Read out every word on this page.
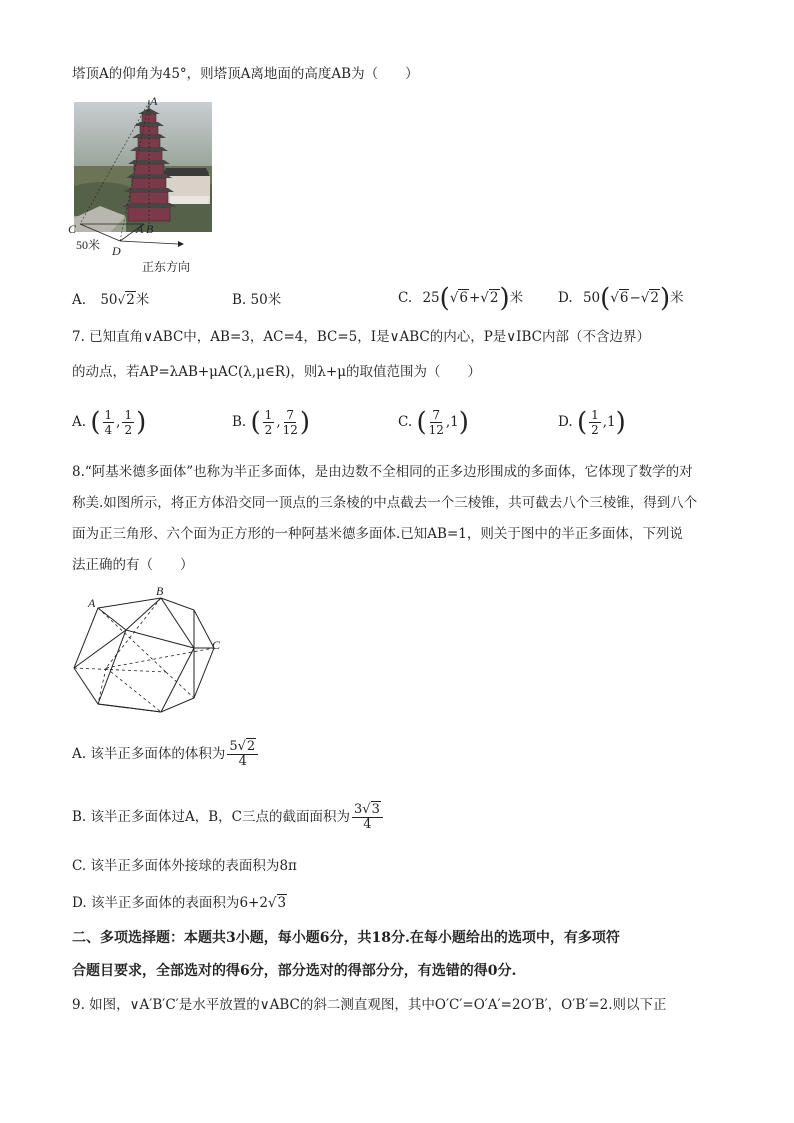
塔顶A的仰角为45°，则塔顶A离地面的高度AB为（　　）
A
C	A B
50米 D
正东方向
A. 50√2米	B. 50米	C. 25(√6+√2)米	D. 50(√6−√2)米
7. 已知直角∨ABC中，AB=3，AC=4，BC=5，I是∨ABC的内心，P是∨IBC内部（不含边界）
的动点，若AP=λAB+μAC(λ,μ∈R)，则λ+μ的取值范围为（　　）
A. ( $\frac{1}{4}$ , $\frac{1}{2}$ )	B. ( $\frac{1}{2}$ , $\frac{7}{12}$ )	C. ( $\frac{7}{12} ,1$)	D. ( $\frac{1}{2} ,1$)
8.“阿基米德多面体”也称为半正多面体，是由边数不全相同的正多边形围成的多面体，它体现了数学的对
称美.如图所示，将正方体沿交同一顶点的三条棱的中点截去一个三棱锥，共可截去八个三棱锥，得到八个
面为正三角形、六个面为正方形的一种阿基米德多面体.已知AB=1，则关于图中的半正多面体，下列说
法正确的有（　　）
A
B
C
A. 该半正多面体的体积为 $\frac{5√2}{4}$
B. 该半正多面体过A，B，C三点的截面面积为 $\frac{3√3}{4}$
C. 该半正多面体外接球的表面积为8π
D. 该半正多面体的表面积为6+2√3
二、多项选择题：本题共3小题，每小题6分，共18分.在每小题给出的选项中，有多项符
合题目要求，全部选对的得6分，部分选对的得部分分，有选错的得0分.
9. 如图，∨A′B′C′是水平放置的∨ABC的斜二测直观图，其中O′C′=O′A′=2O′B′，O′B′=2.则以下正
